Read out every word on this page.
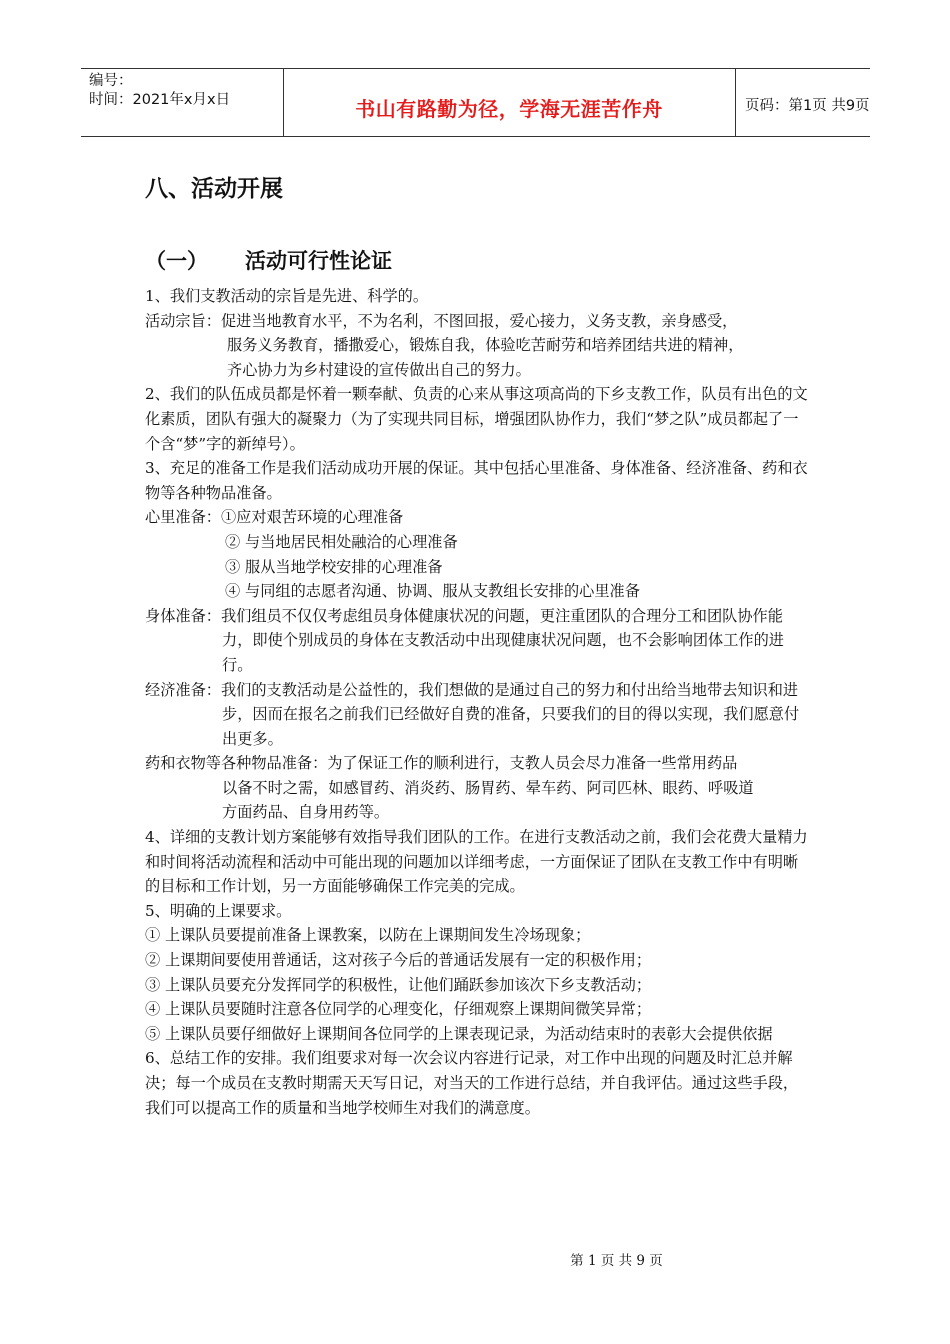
编号：
时间：2021年x月x日	书山有路勤为径，学海无涯苦作舟	页码：第1页 共9页
八、活动开展
（一） 活动可行性论证

1、我们支教活动的宗旨是先进、科学的。

活动宗旨：促进当地教育水平，不为名利，不图回报，爱心接力，义务支教，亲身感受，

服务义务教育，播撒爱心，锻炼自我，体验吃苦耐劳和培养团结共进的精神，

齐心协力为乡村建设的宣传做出自己的努力。

2、我们的队伍成员都是怀着一颗奉献、负责的心来从事这项高尚的下乡支教工作，队员有出色的文化素质，团队有强大的凝聚力（为了实现共同目标，增强团队协作力，我们“梦之队”成员都起了一个含“梦”字的新绰号）。

3、充足的准备工作是我们活动成功开展的保证。其中包括心里准备、身体准备、经济准备、药和衣物等各种物品准备。

心里准备：①应对艰苦环境的心理准备

② 与当地居民相处融洽的心理准备

③ 服从当地学校安排的心理准备

④ 与同组的志愿者沟通、协调、服从支教组长安排的心里准备

身体准备：我们组员不仅仅考虑组员身体健康状况的问题，更注重团队的合理分工和团队协作能力，即使个别成员的身体在支教活动中出现健康状况问题，也不会影响团体工作的进行。

经济准备：我们的支教活动是公益性的，我们想做的是通过自己的努力和付出给当地带去知识和进步，因而在报名之前我们已经做好自费的准备，只要我们的目的得以实现，我们愿意付出更多。

药和衣物等各种物品准备：为了保证工作的顺利进行，支教人员会尽力准备一些常用药品

以备不时之需，如感冒药、消炎药、肠胃药、晕车药、阿司匹林、眼药、呼吸道

方面药品、自身用药等。

4、详细的支教计划方案能够有效指导我们团队的工作。在进行支教活动之前，我们会花费大量精力和时间将活动流程和活动中可能出现的问题加以详细考虑，一方面保证了团队在支教工作中有明晰的目标和工作计划，另一方面能够确保工作完美的完成。

5、明确的上课要求。

① 上课队员要提前准备上课教案，以防在上课期间发生冷场现象；

② 上课期间要使用普通话，这对孩子今后的普通话发展有一定的积极作用；

③ 上课队员要充分发挥同学的积极性，让他们踊跃参加该次下乡支教活动；

④ 上课队员要随时注意各位同学的心理变化，仔细观察上课期间微笑异常；

⑤ 上课队员要仔细做好上课期间各位同学的上课表现记录，为活动结束时的表彰大会提供依据

6、总结工作的安排。我们组要求对每一次会议内容进行记录，对工作中出现的问题及时汇总并解决；每一个成员在支教时期需天天写日记，对当天的工作进行总结，并自我评估。通过这些手段，我们可以提高工作的质量和当地学校师生对我们的满意度。

第 1 页 共 9 页
